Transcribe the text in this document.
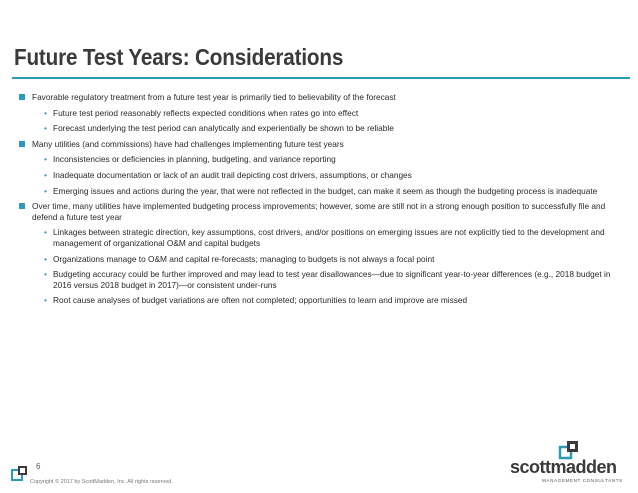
Future Test Years: Considerations
Favorable regulatory treatment from a future test year is primarily tied to believability of the forecast
• Future test period reasonably reflects expected conditions when rates go into effect
• Forecast underlying the test period can analytically and experientially be shown to be reliable
Many utilities (and commissions) have had challenges implementing future test years
• Inconsistencies or deficiencies in planning, budgeting, and variance reporting
• Inadequate documentation or lack of an audit trail depicting cost drivers, assumptions, or changes
• Emerging issues and actions during the year, that were not reflected in the budget, can make it seem as though the budgeting process is inadequate
Over time, many utilities have implemented budgeting process improvements; however, some are still not in a strong enough position to successfully file and defend a future test year
• Linkages between strategic direction, key assumptions, cost drivers, and/or positions on emerging issues are not explicitly tied to the development and management of organizational O&M and capital budgets
• Organizations manage to O&M and capital re-forecasts; managing to budgets is not always a focal point
• Budgeting accuracy could be further improved and may lead to test year disallowances—due to significant year-to-year differences (e.g., 2018 budget in 2016 versus 2018 budget in 2017)—or consistent under-runs
• Root cause analyses of budget variations are often not completed; opportunities to learn and improve are missed
6
Copyright © 2017 by ScottMadden, Inc. All rights reserved.
scottmadden
MANAGEMENT CONSULTANTS
